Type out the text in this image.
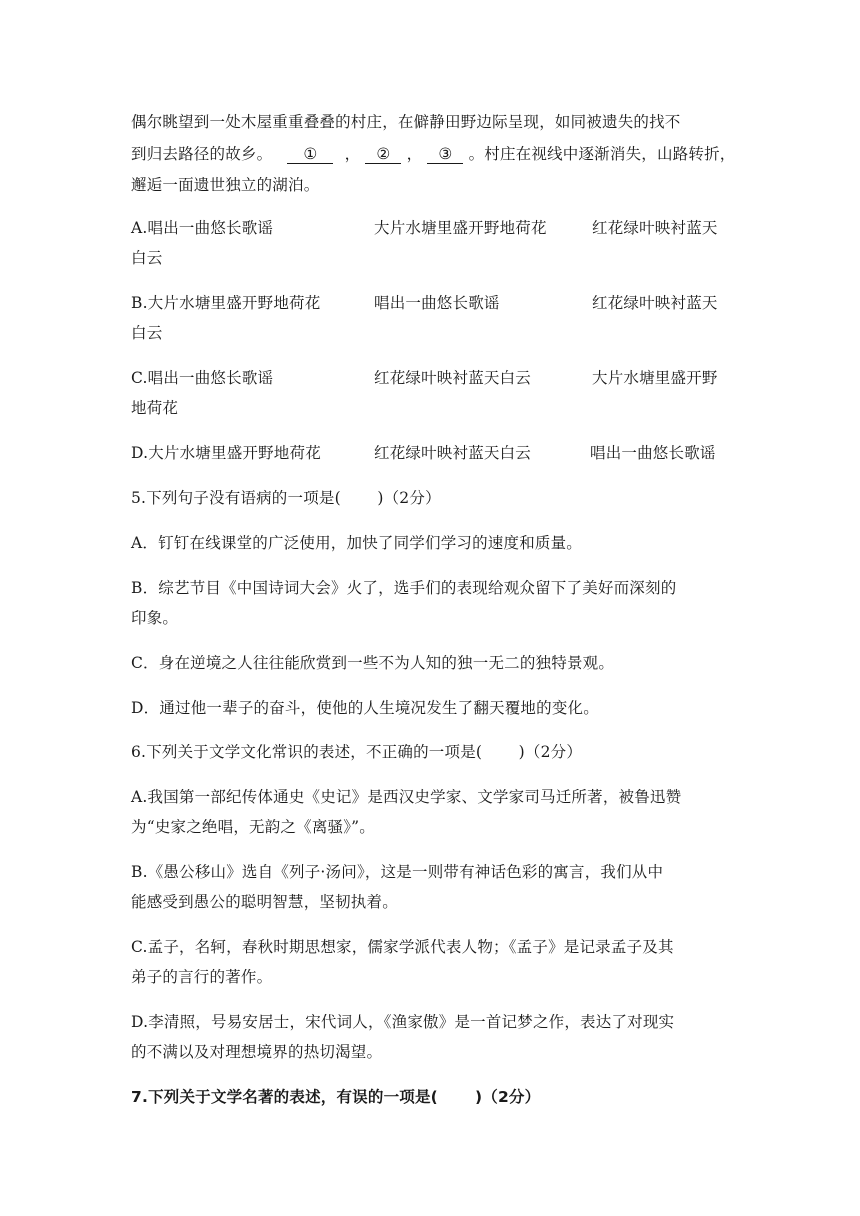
偶尔眺望到一处木屋重重叠叠的村庄，在僻静田野边际呈现，如同被遗失的找不
到归去路径的故乡。 ① ， ② ， ③ 。村庄在视线中逐渐消失，山路转折，
邂逅一面遗世独立的湖泊。
A.唱出一曲悠长歌谣	大片水塘里盛开野地荷花	红花绿叶映衬蓝天
白云
B.大片水塘里盛开野地荷花	唱出一曲悠长歌谣	红花绿叶映衬蓝天
白云
C.唱出一曲悠长歌谣	红花绿叶映衬蓝天白云	大片水塘里盛开野
地荷花
D.大片水塘里盛开野地荷花	红花绿叶映衬蓝天白云	唱出一曲悠长歌谣
5.下列句子没有语病的一项是(　　 )（2分）
A．钉钉在线课堂的广泛使用，加快了同学们学习的速度和质量。
B．综艺节目《中国诗词大会》火了，选手们的表现给观众留下了美好而深刻的
印象。
C．身在逆境之人往往能欣赏到一些不为人知的独一无二的独特景观。
D．通过他一辈子的奋斗，使他的人生境况发生了翻天覆地的变化。
6.下列关于文学文化常识的表述，不正确的一项是(　　 )（2分）
A.我国第一部纪传体通史《史记》是西汉史学家、文学家司马迁所著，被鲁迅赞
为“史家之绝唱，无韵之《离骚》”。
B.《愚公移山》选自《列子·汤问》，这是一则带有神话色彩的寓言，我们从中
能感受到愚公的聪明智慧，坚韧执着。
C.孟子，名轲，春秋时期思想家，儒家学派代表人物；《孟子》是记录孟子及其
弟子的言行的著作。
D.李清照，号易安居士，宋代词人，《渔家傲》是一首记梦之作，表达了对现实
的不满以及对理想境界的热切渴望。
7.下列关于文学名著的表述，有误的一项是(　　 )（2分）
